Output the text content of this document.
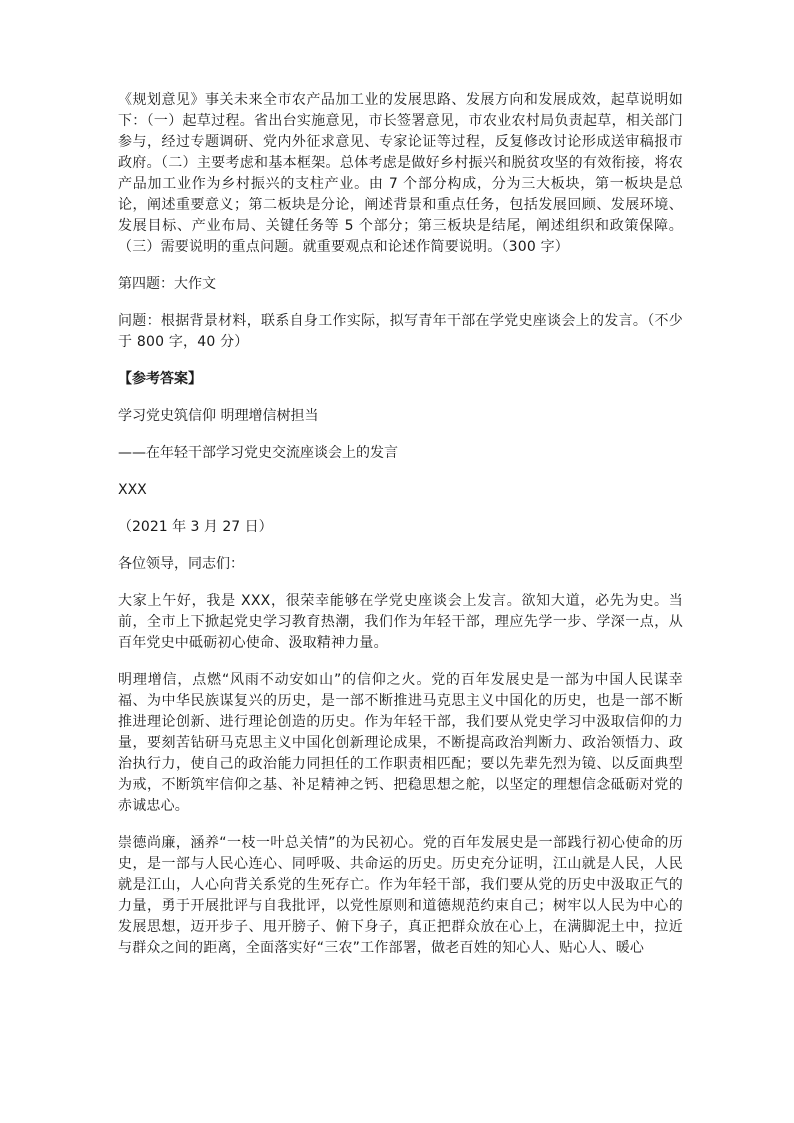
《规划意见》事关未来全市农产品加工业的发展思路、发展方向和发展成效，起草说明如下：（一）起草过程。省出台实施意见，市长签署意见，市农业农村局负责起草，相关部门参与，经过专题调研、党内外征求意见、专家论证等过程，反复修改讨论形成送审稿报市政府。（二）主要考虑和基本框架。总体考虑是做好乡村振兴和脱贫攻坚的有效衔接，将农产品加工业作为乡村振兴的支柱产业。由 7 个部分构成，分为三大板块，第一板块是总论，阐述重要意义；第二板块是分论，阐述背景和重点任务，包括发展回顾、发展环境、发展目标、产业布局、关键任务等 5 个部分；第三板块是结尾，阐述组织和政策保障。（三）需要说明的重点问题。就重要观点和论述作简要说明。（300 字）

第四题：大作文

问题：根据背景材料，联系自身工作实际，拟写青年干部在学党史座谈会上的发言。（不少于 800 字，40 分）

【参考答案】

学习党史筑信仰 明理增信树担当

——在年轻干部学习党史交流座谈会上的发言

XXX

（2021 年 3 月 27 日）

各位领导，同志们：

大家上午好，我是 XXX，很荣幸能够在学党史座谈会上发言。欲知大道，必先为史。当前，全市上下掀起党史学习教育热潮，我们作为年轻干部，理应先学一步、学深一点，从百年党史中砥砺初心使命、汲取精神力量。

明理增信，点燃“风雨不动安如山”的信仰之火。党的百年发展史是一部为中国人民谋幸福、为中华民族谋复兴的历史，是一部不断推进马克思主义中国化的历史，也是一部不断推进理论创新、进行理论创造的历史。作为年轻干部，我们要从党史学习中汲取信仰的力量，要刻苦钻研马克思主义中国化创新理论成果，不断提高政治判断力、政治领悟力、政治执行力，使自己的政治能力同担任的工作职责相匹配；要以先辈先烈为镜、以反面典型为戒，不断筑牢信仰之基、补足精神之钙、把稳思想之舵，以坚定的理想信念砥砺对党的赤诚忠心。

崇德尚廉，涵养“一枝一叶总关情”的为民初心。党的百年发展史是一部践行初心使命的历史，是一部与人民心连心、同呼吸、共命运的历史。历史充分证明，江山就是人民，人民就是江山，人心向背关系党的生死存亡。作为年轻干部，我们要从党的历史中汲取正气的力量，勇于开展批评与自我批评，以党性原则和道德规范约束自己；树牢以人民为中心的发展思想，迈开步子、甩开膀子、俯下身子，真正把群众放在心上，在满脚泥土中，拉近与群众之间的距离，全面落实好“三农”工作部署，做老百姓的知心人、贴心人、暖心
